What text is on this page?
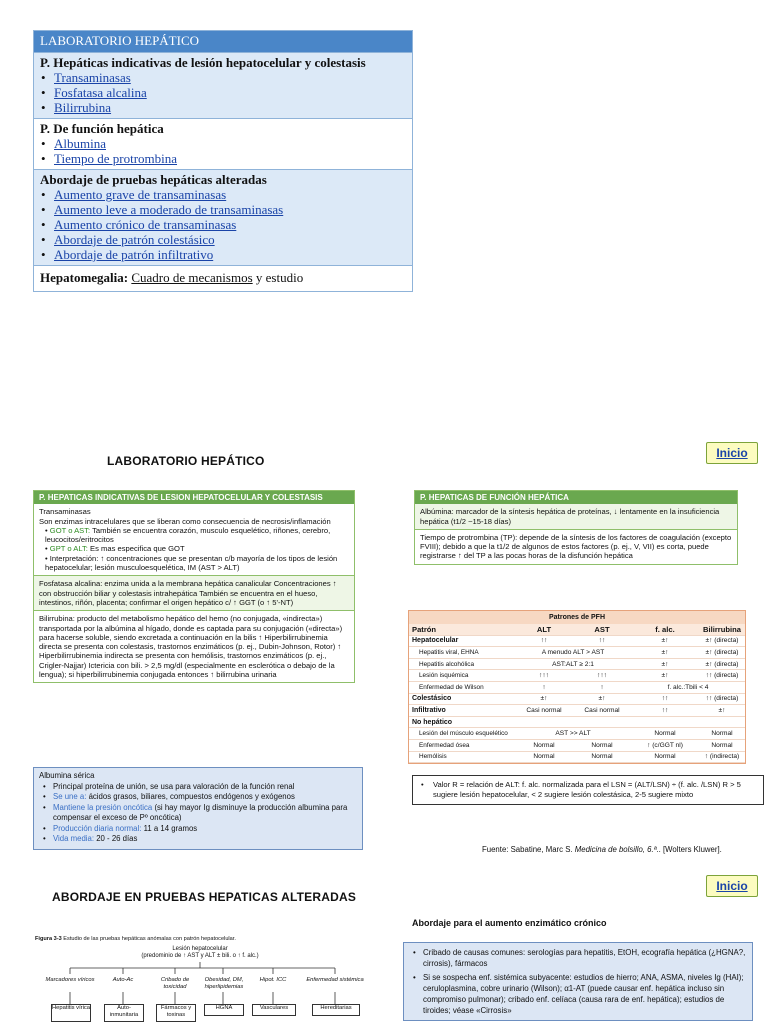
LABORATORIO HEPÁTICO
P. Hepáticas indicativas de lesión hepatocelular y colestasis
• Transaminasas
• Fosfatasa alcalina
• Bilirrubina
P. De función hepática
• Albumina
• Tiempo de protrombina
Abordaje de pruebas hepáticas alteradas
• Aumento grave de transaminasas
• Aumento leve a moderado de transaminasas
• Aumento crónico de transaminasas
• Abordaje de patrón colestásico
• Abordaje de patrón infiltrativo
Hepatomegalia: Cuadro de mecanismos y estudio
LABORATORIO HEPÁTICO
Inicio
P. HEPATICAS INDICATIVAS DE LESION HEPATOCELULAR Y COLESTASIS
Transaminasas
Son enzimas intracelulares que se liberan como consecuencia de necrosis/inflamación
• GOT o AST: También se encuentra corazón, musculo esquelético, riñones, cerebro, leucocitos/eritrocitos
• GPT o ALT: Es mas especifica que GOT
• Interpretación: ↑ concentraciones que se presentan c/b mayoría de los tipos de lesión hepatocelular; lesión musculoesquelética, IM (AST > ALT)
Fosfatasa alcalina: enzima unida a la membrana hepática canalicular Concentraciones ↑ con obstrucción biliar y colestasis intrahepática También se encuentra en el hueso, intestinos, riñón, placenta; confirmar el origen hepático c/ ↑ GGT (o ↑ 5'-NT)
Bilirrubina: producto del metabolismo hepático del hemo (no conjugada, «indirecta») transportada por la albúmina al hígado, donde es captada para su conjugación («directa») para hacerse soluble, siendo excretada a continuación en la bilis ↑ Hiperbilirrubinemia directa se presenta con colestasis, trastornos enzimáticos (p. ej., Dubin-Johnson, Rotor) ↑ Hiperbilirrubinemia indirecta se presenta con hemólisis, trastornos enzimáticos (p. ej., Crigler-Najjar) Ictericia con bili. > 2,5 mg/dl (especialmente en esclerótica o debajo de la lengua); si hiperbilirrubinemia conjugada entonces ↑ bilirrubina urinaria
P. HEPATICAS DE FUNCIÓN HEPÁTICA
Albúmina: marcador de la síntesis hepática de proteínas, ↓ lentamente en la insuficiencia hepática (t1/2 ~15-18 días)
Tiempo de protrombina (TP): depende de la síntesis de los factores de coagulación (excepto FVIII); debido a que la t1/2 de algunos de estos factores (p. ej., V, VII) es corta, puede registrarse ↑ del TP a las pocas horas de la disfunción hepática
Patrones de PFH
Patrón	ALT	AST	f. alc.	Bilirrubina
Hepatocelular	↑↑	↑↑	±↑	±↑ (directa)
Hepatitis viral, EHNA	A menudo ALT > AST		±↑	±↑ (directa)
Hepatitis alcohólica	AST:ALT ≥ 2:1		±↑	±↑ (directa)
Lesión isquémica	↑↑↑	↑↑↑	±↑	↑↑ (directa)
Enfermedad de Wilson	↑	↑	f. alc.:Tbili < 4	
Colestásico	±↑	±↑	↑↑	↑↑ (directa)
Infiltrativo	Casi normal	Casi normal	↑↑	±↑
No hepático				
Lesión del músculo esquelético	AST >> ALT		Normal	Normal
Enfermedad ósea	Normal	Normal	↑ (c/GGT nl)	Normal
Hemólisis	Normal	Normal	Normal	↑ (indirecta)
Albumina sérica
• Principal proteína de unión, se usa para valoración de la función renal
• Se une a: ácidos grasos, biliares, compuestos endógenos y exógenos
• Mantiene la presión oncótica (si hay mayor Ig disminuye la producción albumina para compensar el exceso de Pº oncótica)
• Producción diaria normal: 11 a 14 gramos
• Vida media: 20 - 26 días
• Valor R = relación de ALT: f. alc. normalizada para el LSN = (ALT/LSN) ÷ (f. alc. /LSN) R > 5 sugiere lesión hepatocelular, < 2 sugiere lesión colestásica, 2-5 sugiere mixto
Fuente: Sabatine, Marc S. Medicina de bolsillo, 6.ª.. [Wolters Kluwer].
ABORDAJE EN PRUEBAS HEPATICAS ALTERADAS
Inicio
Figura 3-3 Estudio de las pruebas hepáticas anómalas con patrón hepatocelular.
Lesión hepatocelular
(predominio de ↑ AST y ALT ± bili. o ↑ f. alc.)
Marcadores víricos	Auto-Ac	Cribado de toxicidad
Obesidad, DM, hiperlipidemias
Hipot. ICC	Enfermedad sistémica
Hepatitis vírica	Auto-inmunitaria
Fármacos y toxinas
HGNA	Vasculares	Hereditarias
Abordaje para el aumento enzimático crónico
• Cribado de causas comunes: serologías para hepatitis, EtOH, ecografía hepática (¿HGNA?, cirrosis), fármacos
• Si se sospecha enf. sistémica subyacente: estudios de hierro; ANA, ASMA, niveles Ig (HAI); ceruloplasmina, cobre urinario (Wilson); α1-AT (puede causar enf. hepática incluso sin compromiso pulmonar); cribado enf. celíaca (causa rara de enf. hepática); estudios de tiroides; véase «Cirrosis»
